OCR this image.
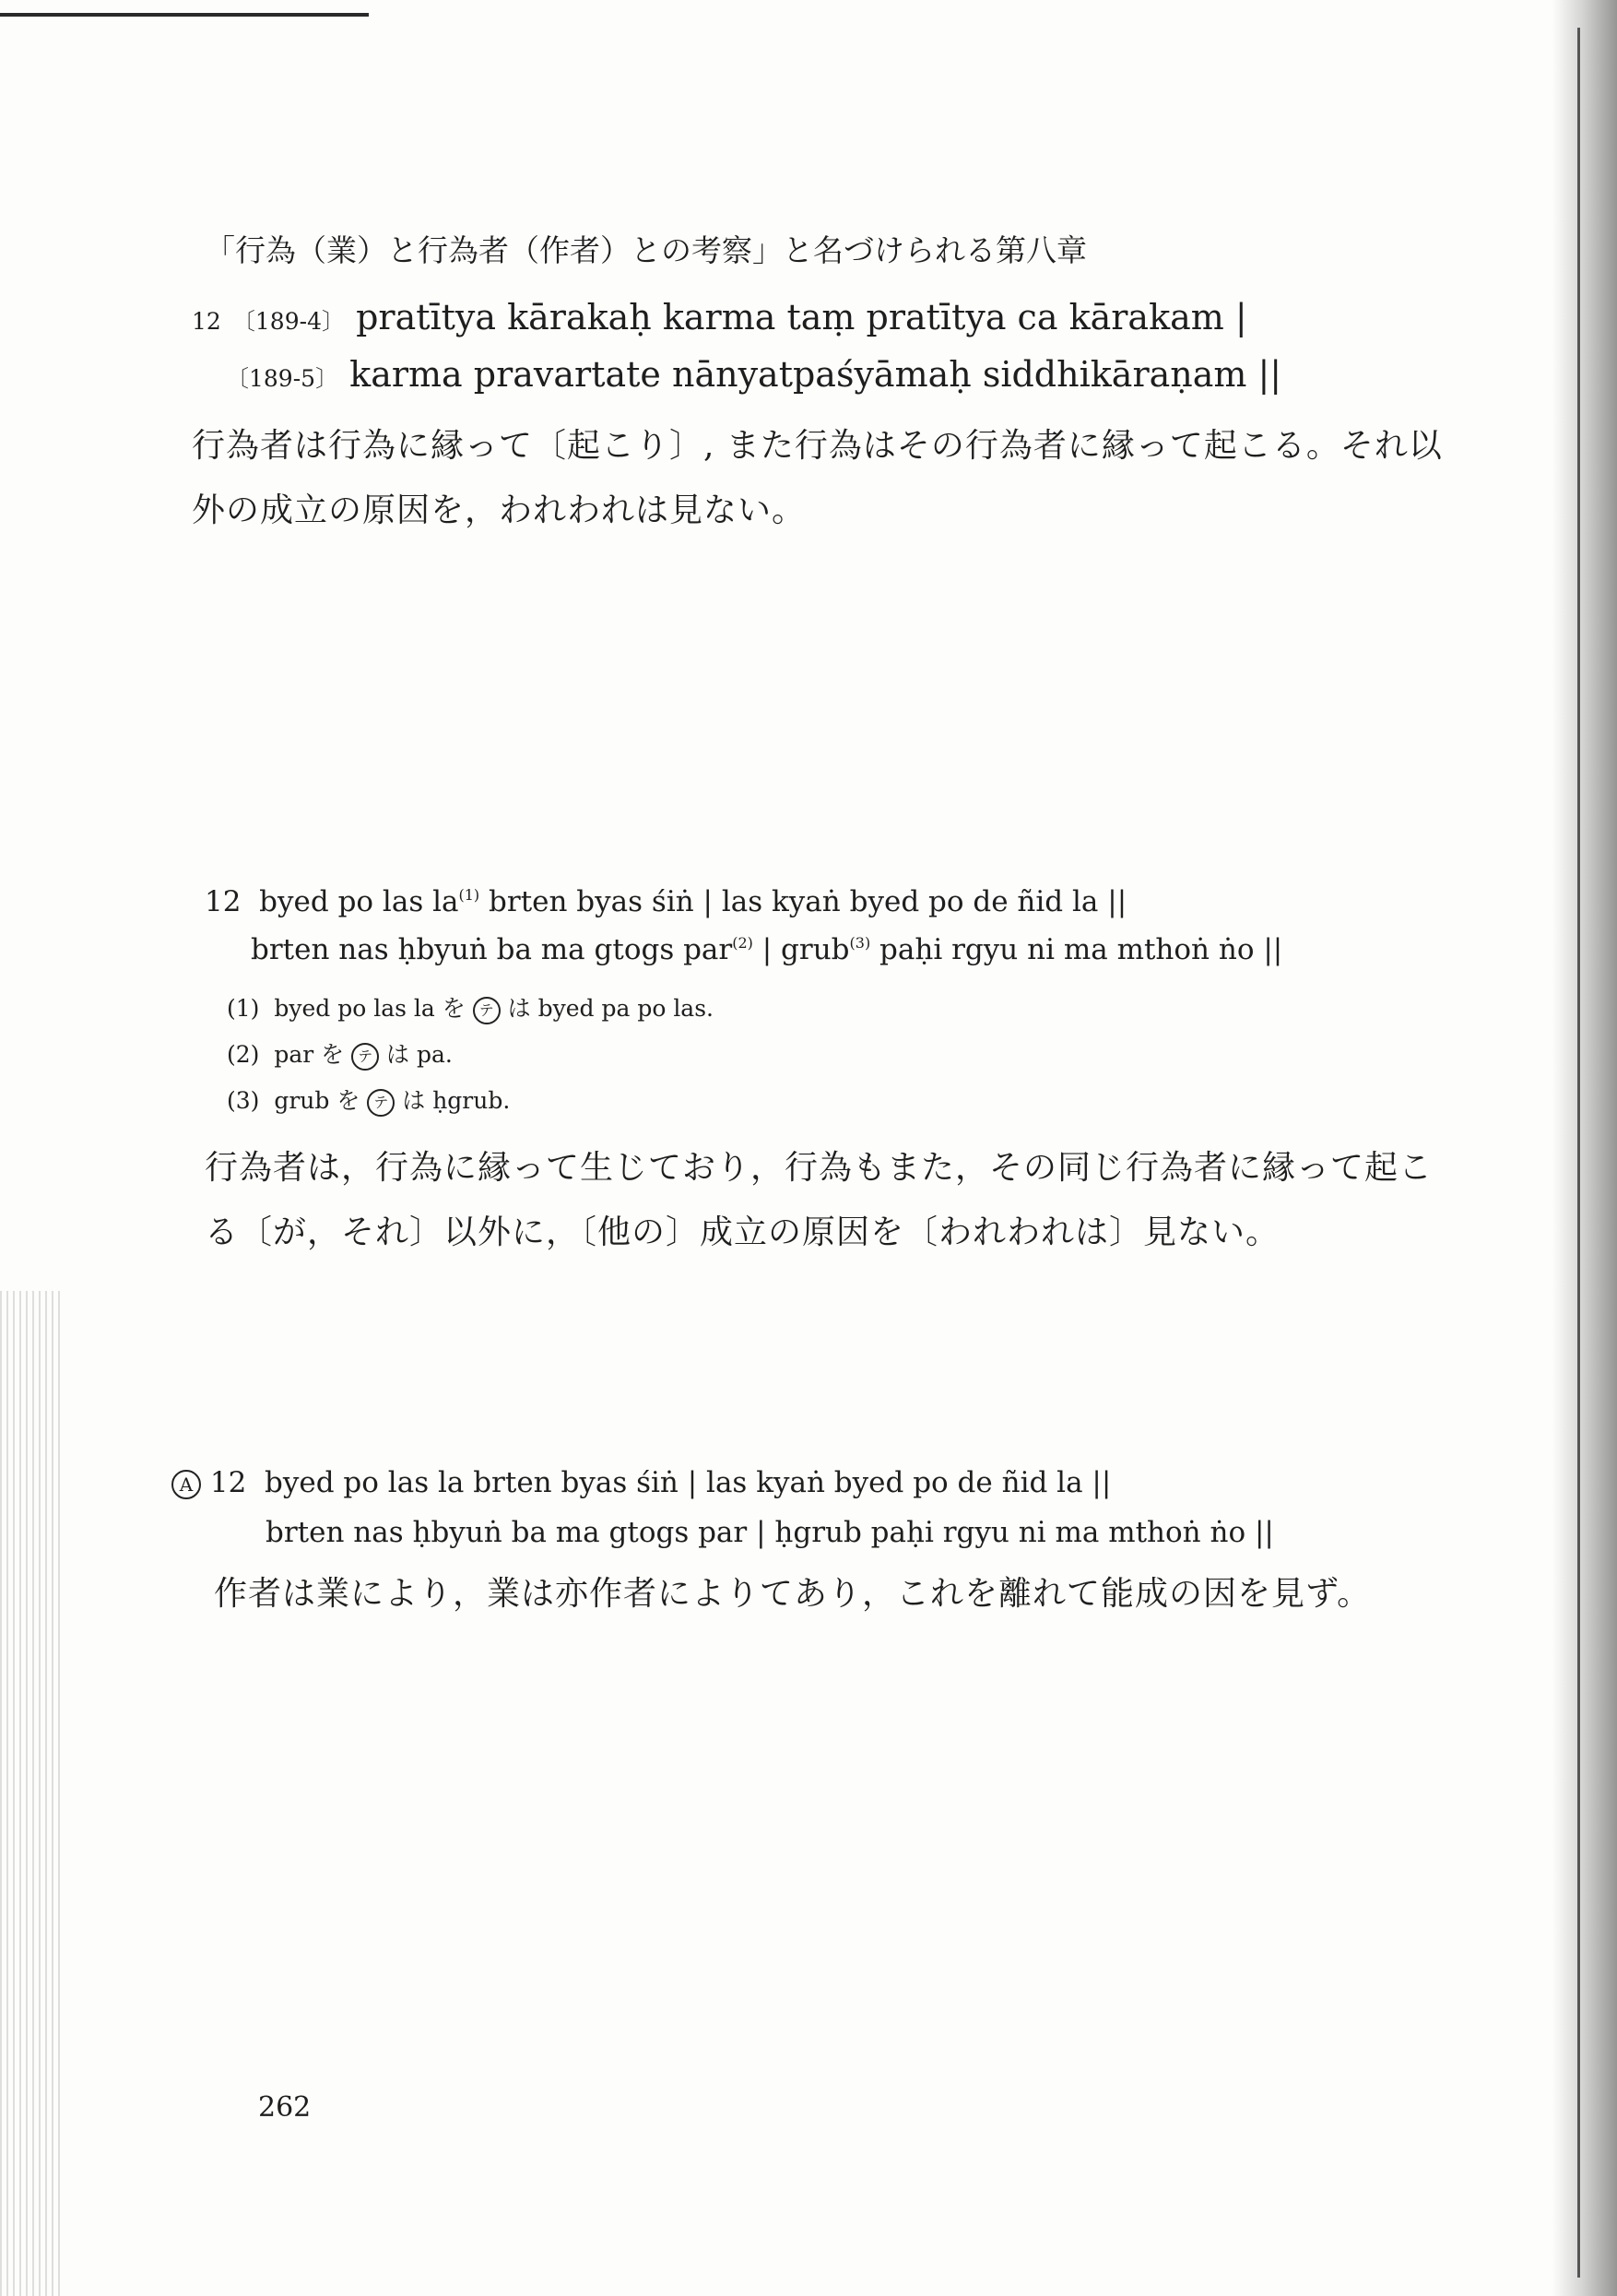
「行為（業）と行為者（作者）との考察」と名づけられる第八章
12 〔189-4〕 pratītya kārakaḥ karma taṃ pratītya ca kārakam |
〔189-5〕 karma pravartate nānyatpaśyāmaḥ siddhikāraṇam ||
行為者は行為に縁って〔起こり〕, また行為はその行為者に縁って起こる。それ以
外の成立の原因を，われわれは見ない。
12 byed po las $la^{(1)}$ brten byas śiṅ | las kyaṅ byed po de ñid la ||
brten nas ḥbyuṅ ba ma gtogs par$^{(2)}$ | grub$^{(3)}$ paḥi rgyu ni ma mthoṅ ṅo ||
(1) byed po las la を テ は byed pa po las.
(2) par を テ は pa.
(3) grub を テ は ḥgrub.
行為者は，行為に縁って生じており，行為もまた，その同じ行為者に縁って起こ
る〔が，それ〕以外に，〔他の〕成立の原因を〔われわれは〕見ない。
A 12 byed po las la brten byas śiṅ | las kyaṅ byed po de ñid la ||
brten nas ḥbyuṅ ba ma gtogs par | ḥgrub paḥi rgyu ni ma mthoṅ ṅo ||
作者は業により，業は亦作者によりてあり，これを離れて能成の因を見ず。
262
